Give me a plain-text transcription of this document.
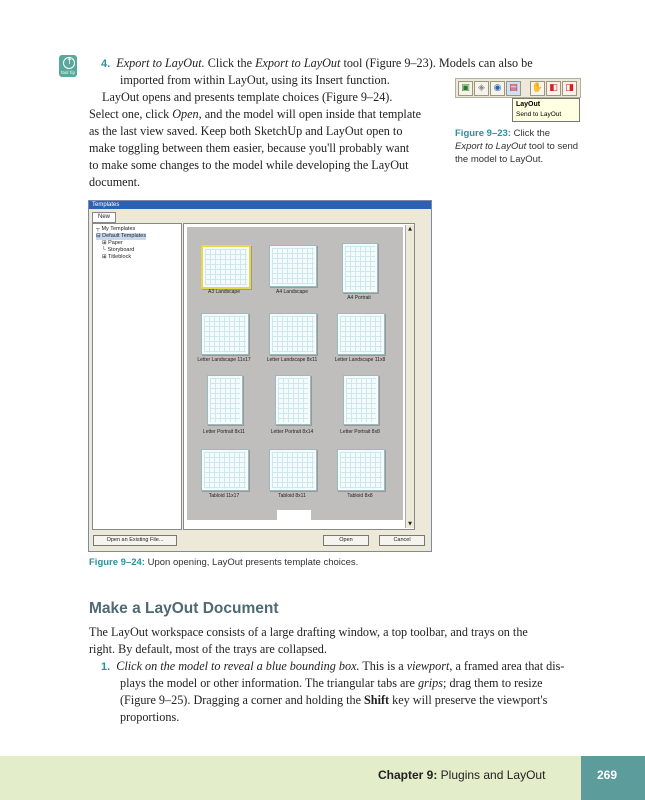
↑
tool tip
4. Export to LayOut. Click the Export to LayOut tool (Figure 9–23). Models can also be
imported from within LayOut, using its Insert function.
LayOut opens and presents template choices (Figure 9–24).
Select one, click Open, and the model will open inside that template
as the last view saved. Keep both SketchUp and LayOut open to
make toggling between them easier, because you'll probably want
to make some changes to the model while developing the LayOut
document.
▣ ◈ ◉ ▤	✋ ◧ ◨
LayOut
Send to LayOut
Figure 9–23: Click the
Export to LayOut tool to send
the model to LayOut.
Templates
New
┬ My Templates
⊟ Default Templates
⊞ Paper
└ Storyboard
⊞ Titleblock
A3 Landscape	A4 Landscape
A4 Portrait
Letter Landscape 11x17	Letter Landscape 8x11	Letter Landscape 11x8
Letter Portrait 8x11	Letter Portrait 8x14	Letter Portrait 8x8
Tabloid 11x17	Tabloid 8x11	Tabloid 8x8
▲
▼
Open an Existing File...	Open	Cancel
Figure 9–24: Upon opening, LayOut presents template choices.
Make a LayOut Document
The LayOut workspace consists of a large drafting window, a top toolbar, and trays on the
right. By default, most of the trays are collapsed.
1. Click on the model to reveal a blue bounding box. This is a viewport, a framed area that dis-
plays the model or other information. The triangular tabs are grips; drag them to resize
(Figure 9–25). Dragging a corner and holding the Shift key will preserve the viewport's
proportions.
Chapter 9: Plugins and LayOut	269
